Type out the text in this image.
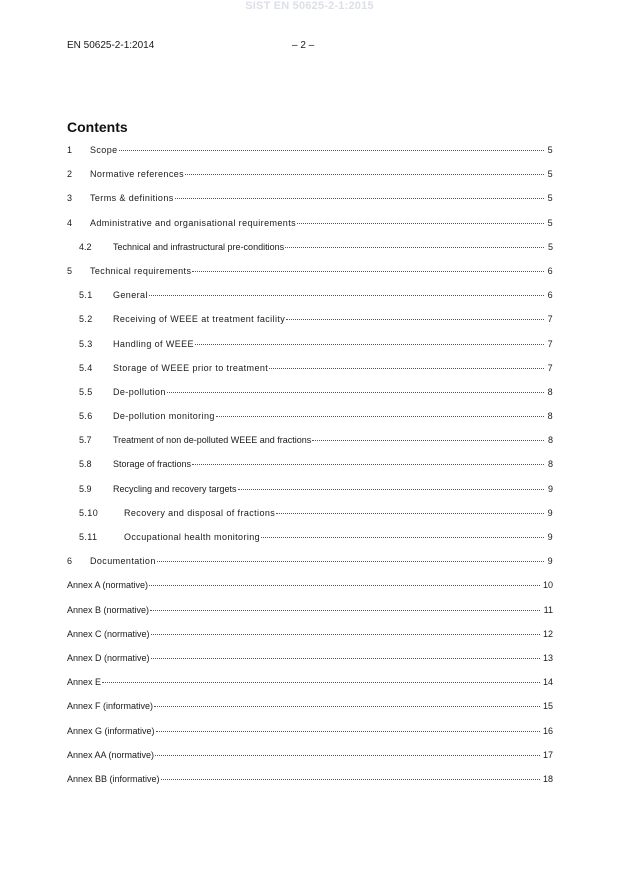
SIST EN 50625-2-1:2015
EN 50625-2-1:2014	– 2 –
Contents
1	Scope	5
2	Normative references	5
3	Terms & definitions	5
4	Administrative and organisational requirements	5
4.2	Technical and infrastructural pre-conditions	5
5	Technical requirements	6
5.1	General	6
5.2	Receiving of WEEE at treatment facility	7
5.3	Handling of WEEE	7
5.4	Storage of WEEE prior to treatment	7
5.5	De-pollution	8
5.6	De-pollution monitoring	8
5.7	Treatment of non de-polluted WEEE and fractions	8
5.8	Storage of fractions	8
5.9	Recycling and recovery targets	9
5.10	Recovery and disposal of fractions	9
5.11	Occupational health monitoring	9
6	Documentation	9
Annex A (normative)	10
Annex B (normative)	11
Annex C (normative)	12
Annex D (normative)	13
Annex E	14
Annex F (informative)	15
Annex G (informative)	16
Annex AA (normative)	17
Annex BB (informative)	18
